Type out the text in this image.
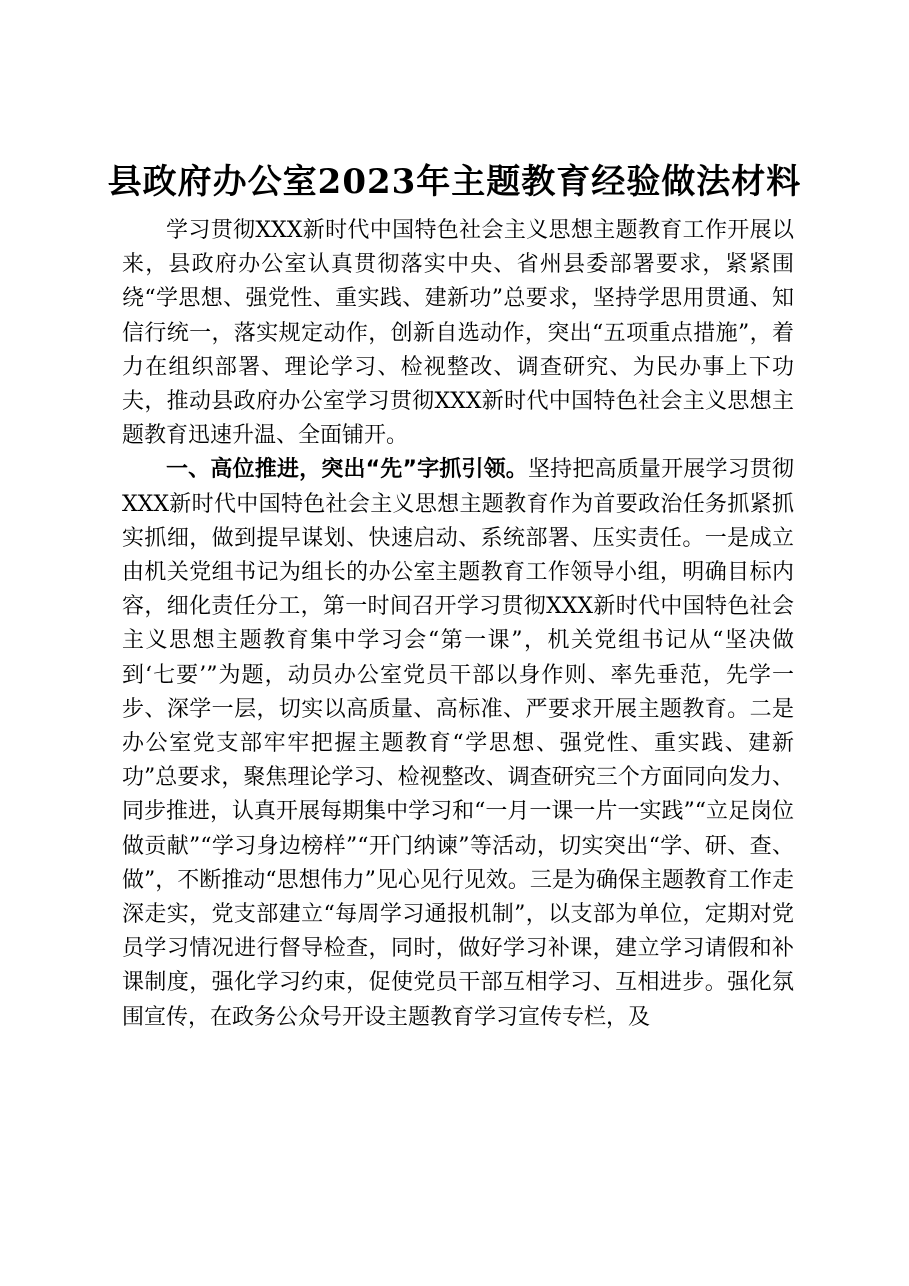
县政府办公室2023年主题教育经验做法材料

学习贯彻XXX新时代中国特色社会主义思想主题教育工作开展以来，县政府办公室认真贯彻落实中央、省州县委部署要求，紧紧围绕“学思想、强党性、重实践、建新功”总要求，坚持学思用贯通、知信行统一，落实规定动作，创新自选动作，突出“五项重点措施”，着力在组织部署、理论学习、检视整改、调查研究、为民办事上下功夫，推动县政府办公室学习贯彻XXX新时代中国特色社会主义思想主题教育迅速升温、全面铺开。

一、高位推进，突出“先”字抓引领。坚持把高质量开展学习贯彻XXX新时代中国特色社会主义思想主题教育作为首要政治任务抓紧抓实抓细，做到提早谋划、快速启动、系统部署、压实责任。一是成立由机关党组书记为组长的办公室主题教育工作领导小组，明确目标内容，细化责任分工，第一时间召开学习贯彻XXX新时代中国特色社会主义思想主题教育集中学习会“第一课”，机关党组书记从“坚决做到‘七要’”为题，动员办公室党员干部以身作则、率先垂范，先学一步、深学一层，切实以高质量、高标准、严要求开展主题教育。二是办公室党支部牢牢把握主题教育“学思想、强党性、重实践、建新功”总要求，聚焦理论学习、检视整改、调查研究三个方面同向发力、同步推进，认真开展每期集中学习和“一月一课一片一实践”“立足岗位做贡献”“学习身边榜样”“开门纳谏”等活动，切实突出“学、研、查、做”，不断推动“思想伟力”见心见行见效。三是为确保主题教育工作走深走实，党支部建立“每周学习通报机制”，以支部为单位，定期对党员学习情况进行督导检查，同时，做好学习补课，建立学习请假和补课制度，强化学习约束，促使党员干部互相学习、互相进步。强化氛围宣传，在政务公众号开设主题教育学习宣传专栏，及
